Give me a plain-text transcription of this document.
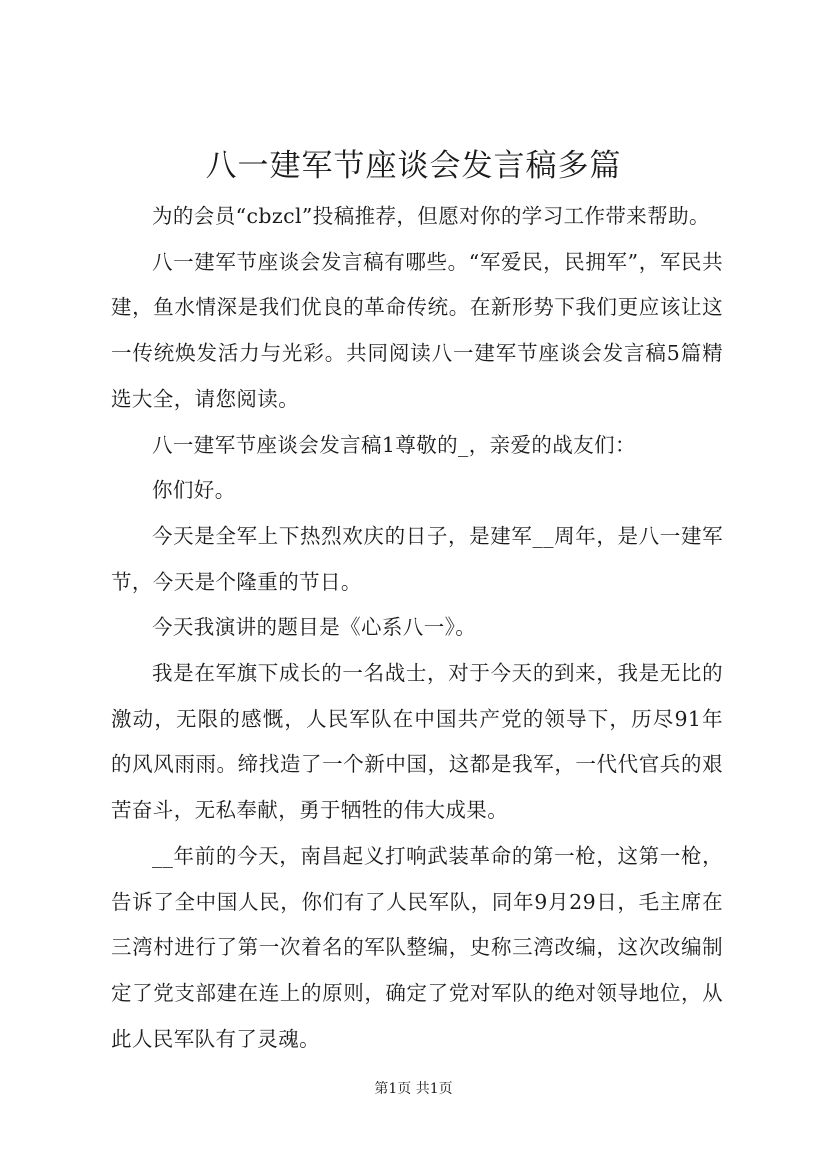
八一建军节座谈会发言稿多篇

为的会员“cbzcl”投稿推荐，但愿对你的学习工作带来帮助。

八一建军节座谈会发言稿有哪些。“军爱民，民拥军”，军民共建，鱼水情深是我们优良的革命传统。在新形势下我们更应该让这一传统焕发活力与光彩。共同阅读八一建军节座谈会发言稿5篇精选大全，请您阅读。

八一建军节座谈会发言稿1尊敬的_，亲爱的战友们：

你们好。

今天是全军上下热烈欢庆的日子，是建军__周年，是八一建军节，今天是个隆重的节日。

今天我演讲的题目是《心系八一》。

我是在军旗下成长的一名战士，对于今天的到来，我是无比的激动，无限的感慨，人民军队在中国共产党的领导下，历尽91年的风风雨雨。缔找造了一个新中国，这都是我军，一代代官兵的艰苦奋斗，无私奉献，勇于牺牲的伟大成果。

__年前的今天，南昌起义打响武装革命的第一枪，这第一枪，告诉了全中国人民，你们有了人民军队，同年9月29日，毛主席在三湾村进行了第一次着名的军队整编，史称三湾改编，这次改编制定了党支部建在连上的原则，确定了党对军队的绝对领导地位，从此人民军队有了灵魂。

第1页 共1页
